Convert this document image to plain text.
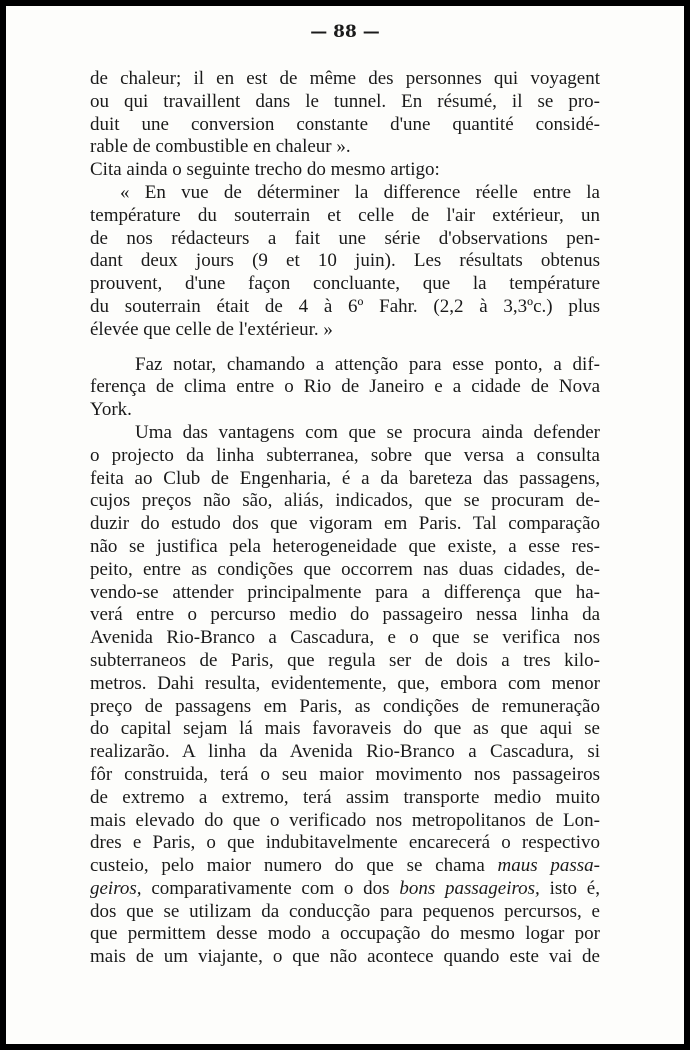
— 88 —
de chaleur; il en est de même des personnes qui voyagent
ou qui travaillent dans le tunnel. En résumé, il se pro-
duit une conversion constante d'une quantité considé-
rable de combustible en chaleur ».
Cita ainda o seguinte trecho do mesmo artigo:
« En vue de déterminer la difference réelle entre la
température du souterrain et celle de l'air extérieur, un
de nos rédacteurs a fait une série d'observations pen-
dant deux jours (9 et 10 juin). Les résultats obtenus
prouvent, d'une façon concluante, que la température
du souterrain était de 4 à 6º Fahr. (2,2 à 3,3ºc.) plus
élevée que celle de l'extérieur. »
Faz notar, chamando a attenção para esse ponto, a dif-
ferença de clima entre o Rio de Janeiro e a cidade de Nova
York.
Uma das vantagens com que se procura ainda defender
o projecto da linha subterranea, sobre que versa a consulta
feita ao Club de Engenharia, é a da bareteza das passagens,
cujos preços não são, aliás, indicados, que se procuram de-
duzir do estudo dos que vigoram em Paris. Tal comparação
não se justifica pela heterogeneidade que existe, a esse res-
peito, entre as condições que occorrem nas duas cidades, de-
vendo-se attender principalmente para a differença que ha-
verá entre o percurso medio do passageiro nessa linha da
Avenida Rio-Branco a Cascadura, e o que se verifica nos
subterraneos de Paris, que regula ser de dois a tres kilo-
metros. Dahi resulta, evidentemente, que, embora com menor
preço de passagens em Paris, as condições de remuneração
do capital sejam lá mais favoraveis do que as que aqui se
realizarão. A linha da Avenida Rio-Branco a Cascadura, si
fôr construida, terá o seu maior movimento nos passageiros
de extremo a extremo, terá assim transporte medio muito
mais elevado do que o verificado nos metropolitanos de Lon-
dres e Paris, o que indubitavelmente encarecerá o respectivo
custeio, pelo maior numero do que se chama maus passa-
geiros, comparativamente com o dos bons passageiros, isto é,
dos que se utilizam da conducção para pequenos percursos, e
que permittem desse modo a occupação do mesmo logar por
mais de um viajante, o que não acontece quando este vai de
